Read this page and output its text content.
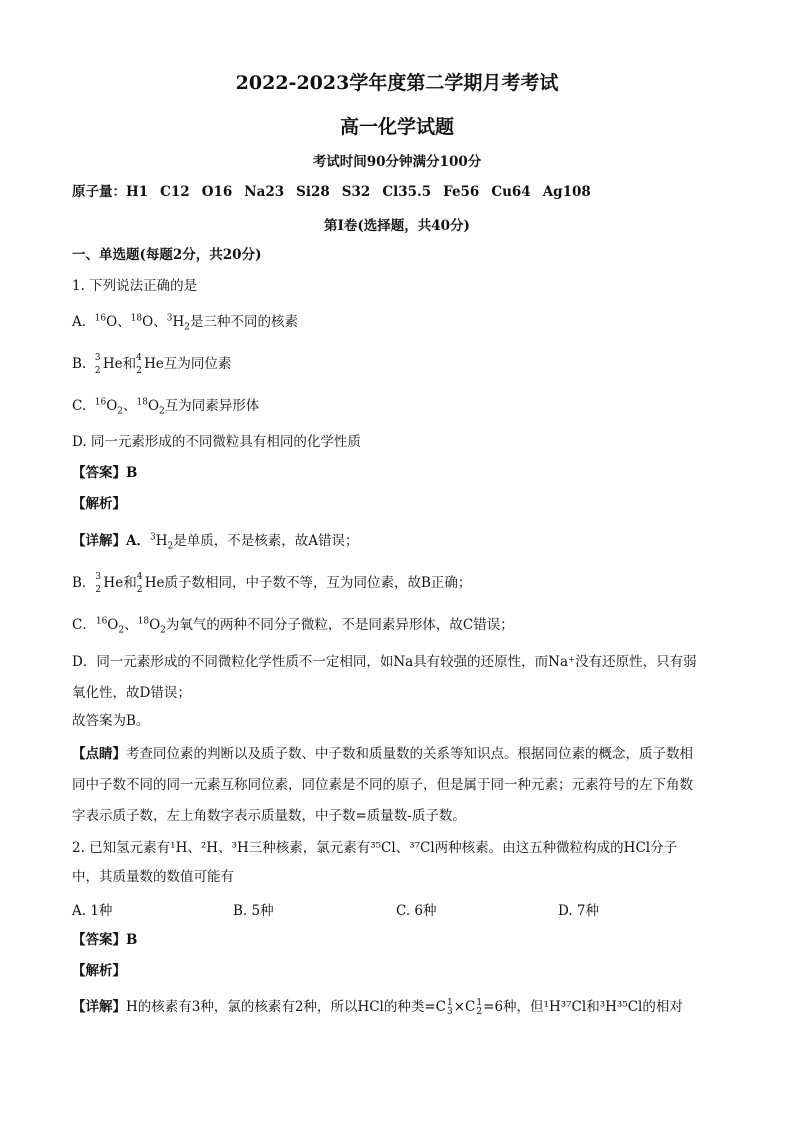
2022-2023学年度第二学期月考考试
高一化学试题
考试时间90分钟满分100分
原子量：H1 C12 O16 Na23 Si28 S32 Cl35.5 Fe56 Cu64 Ag108
第I卷(选择题，共40分)
一、单选题(每题2分，共20分)
1. 下列说法正确的是
A. $^{16}$O、$^{18}$O、$^3H_2$是三种不同的核素
B. 3
2 He和 4
2 He互为同位素
C. $^{16}O_2$、$^{18}O_2$互为同素异形体
D. 同一元素形成的不同微粒具有相同的化学性质
【答案】B
【解析】
【详解】A．$^3H_2$是单质，不是核素，故A错误；
B． 3
2 He和 4
2 He质子数相同，中子数不等，互为同位素，故B正确；
C．$^{16}O_2$、$^{18}O_2$为氧气的两种不同分子微粒，不是同素异形体，故C错误；
D．同一元素形成的不同微粒化学性质不一定相同，如Na具有较强的还原性，而Na⁺没有还原性，只有弱
氧化性，故D错误；
故答案为B。
【点睛】考查同位素的判断以及质子数、中子数和质量数的关系等知识点。根据同位素的概念，质子数相
同中子数不同的同一元素互称同位素，同位素是不同的原子，但是属于同一种元素；元素符号的左下角数
字表示质子数，左上角数字表示质量数，中子数=质量数-质子数。
2. 已知氢元素有¹H、²H、³H三种核素，氯元素有³⁵Cl、³⁷Cl两种核素。由这五种微粒构成的HCl分子
中，其质量数的数值可能有
A. 1种	B. 5种	C. 6种	D. 7种
【答案】B
【解析】
【详解】H的核素有3种，氯的核素有2种，所以HCl的种类=C 1
3 ×C 1
2 =6种，但¹H³⁷Cl和³H³⁵Cl的相对
